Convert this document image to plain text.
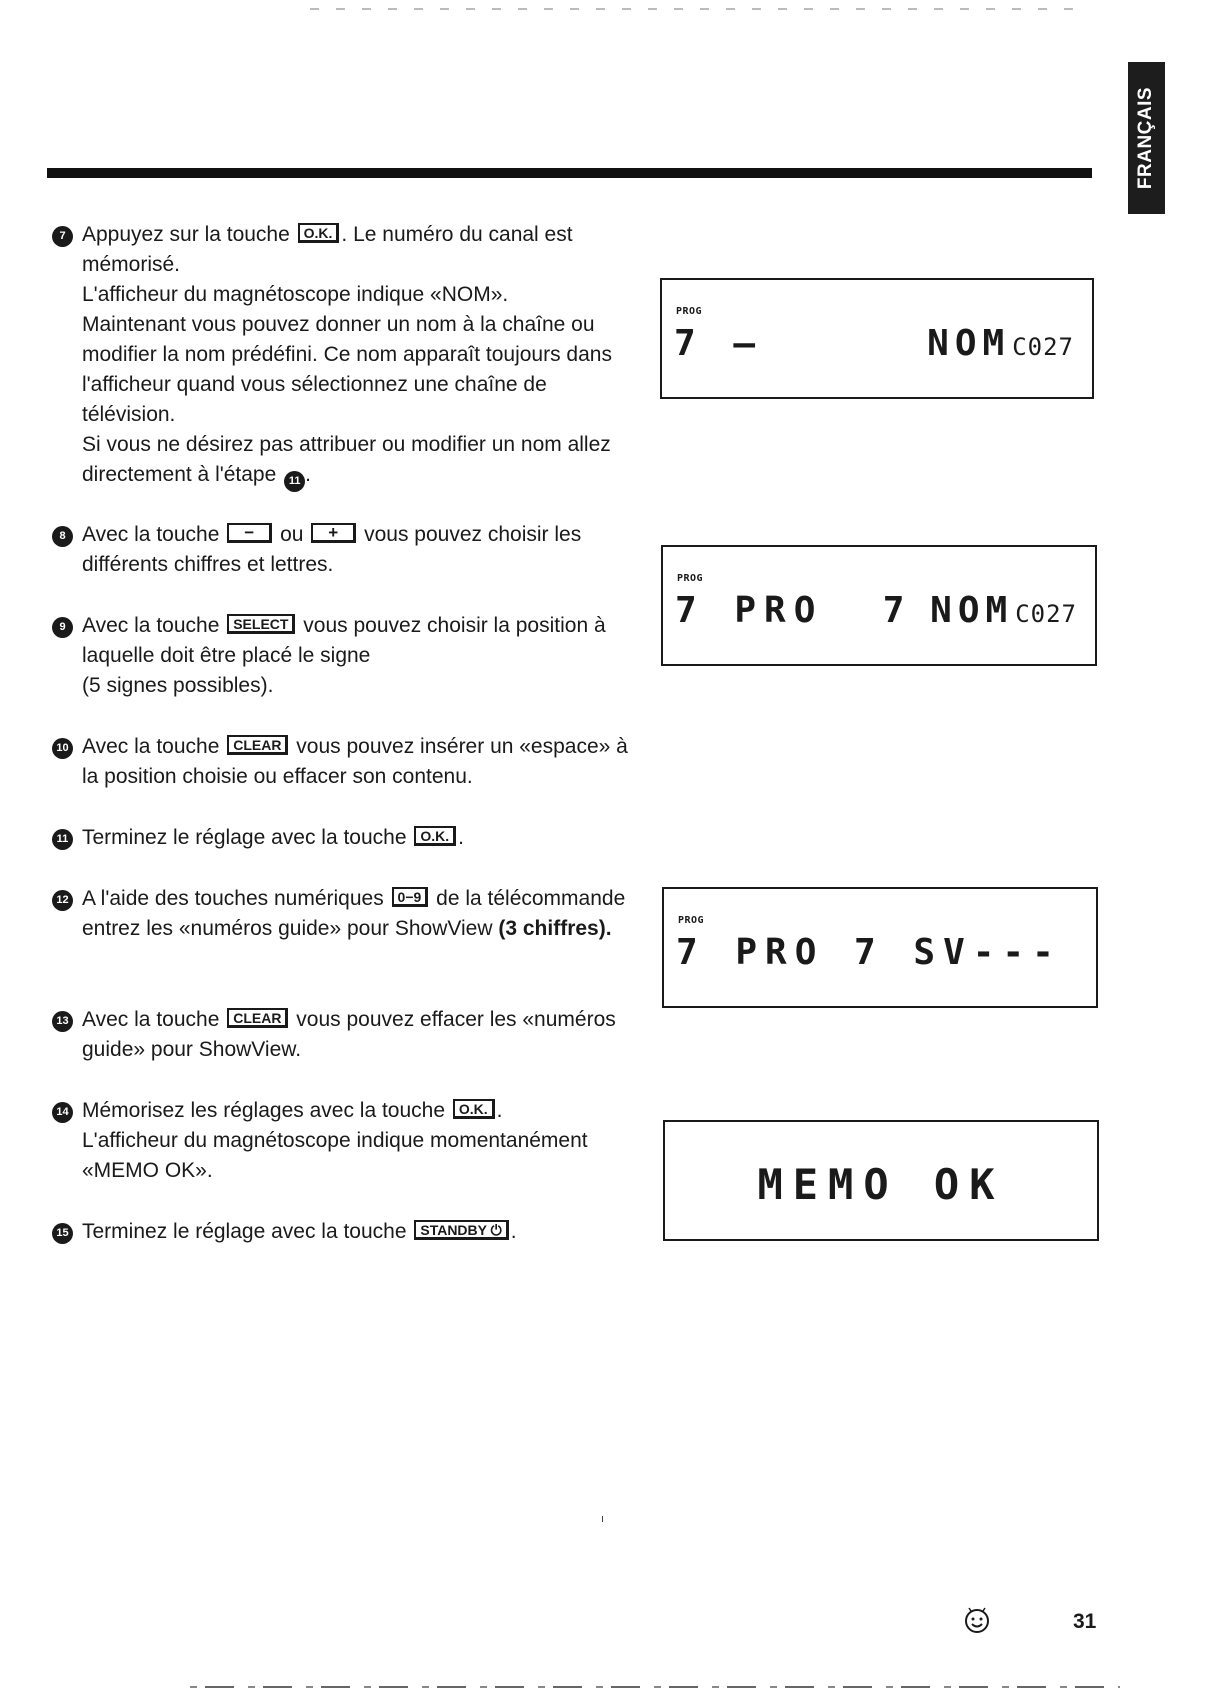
FRANÇAIS
7 Appuyez sur la touche O.K. . Le numéro du canal est mémorisé.

L'afficheur du magnétoscope indique «NOM».

Maintenant vous pouvez donner un nom à la chaîne ou modifier la nom prédéfini. Ce nom apparaît toujours dans l'afficheur quand vous sélectionnez une chaîne de télévision.

Si vous ne désirez pas attribuer ou modifier un nom allez directement à l'étape 11 .

8 Avec la touche − ou + vous pouvez choisir les différents chiffres et lettres.

9 Avec la touche SELECT vous pouvez choisir la position à laquelle doit être placé le signe

(5 signes possibles).

10 Avec la touche CLEAR vous pouvez insérer un «espace» à la position choisie ou effacer son contenu.

11 Terminez le réglage avec la touche O.K. .

12 A l'aide des touches numériques 0−9 de la télécommande entrez les «numéros guide» pour ShowView (3 chiffres).

13 Avec la touche CLEAR vous pouvez effacer les «numéros guide» pour ShowView.

14 Mémorisez les réglages avec la touche O.K. .

L'afficheur du magnétoscope indique momentanément «MEMO OK».

15 Terminez le réglage avec la touche STANDBY ⏻ .

PROG
7 –	NOM C027
PROG
7 PRO  7 NOM C027
PROG
7 PRO 7 SV---
MEMO OK
31
